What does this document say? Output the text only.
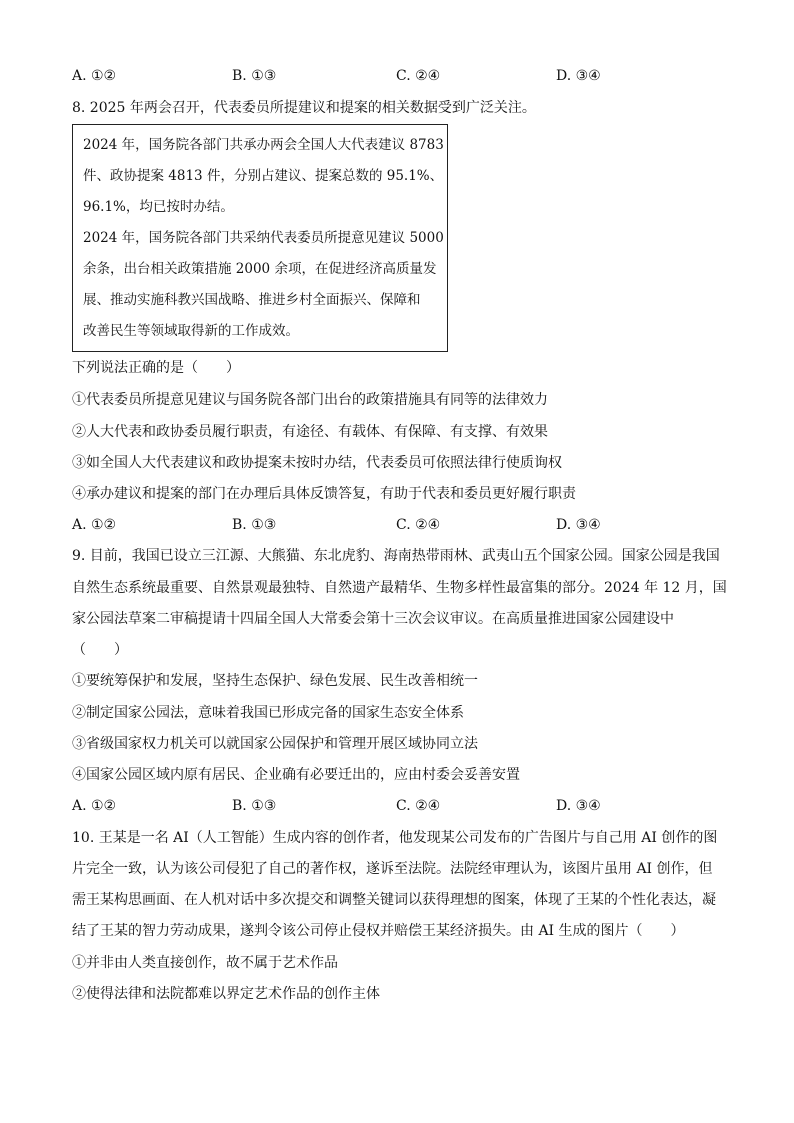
A. ①②	B. ①③	C. ②④	D. ③④
8. 2025 年两会召开，代表委员所提建议和提案的相关数据受到广泛关注。
2024 年，国务院各部门共承办两会全国人大代表建议 8783
件、政协提案 4813 件，分别占建议、提案总数的 95.1%、
96.1%，均已按时办结。
2024 年，国务院各部门共采纳代表委员所提意见建议 5000
余条，出台相关政策措施 2000 余项，在促进经济高质量发
展、推动实施科教兴国战略、推进乡村全面振兴、保障和
改善民生等领域取得新的工作成效。
下列说法正确的是（　　）
①代表委员所提意见建议与国务院各部门出台的政策措施具有同等的法律效力
②人大代表和政协委员履行职责，有途径、有载体、有保障、有支撑、有效果
③如全国人大代表建议和政协提案未按时办结，代表委员可依照法律行使质询权
④承办建议和提案的部门在办理后具体反馈答复，有助于代表和委员更好履行职责
A. ①②	B. ①③	C. ②④	D. ③④
9. 目前，我国已设立三江源、大熊猫、东北虎豹、海南热带雨林、武夷山五个国家公园。国家公园是我国
自然生态系统最重要、自然景观最独特、自然遗产最精华、生物多样性最富集的部分。2024 年 12 月，国
家公园法草案二审稿提请十四届全国人大常委会第十三次会议审议。在高质量推进国家公园建设中
（　　）
①要统筹保护和发展，坚持生态保护、绿色发展、民生改善相统一
②制定国家公园法，意味着我国已形成完备的国家生态安全体系
③省级国家权力机关可以就国家公园保护和管理开展区域协同立法
④国家公园区域内原有居民、企业确有必要迁出的，应由村委会妥善安置
A. ①②	B. ①③	C. ②④	D. ③④
10. 王某是一名 AI（人工智能）生成内容的创作者，他发现某公司发布的广告图片与自己用 AI 创作的图
片完全一致，认为该公司侵犯了自己的著作权，遂诉至法院。法院经审理认为，该图片虽用 AI 创作，但
需王某构思画面、在人机对话中多次提交和调整关键词以获得理想的图案，体现了王某的个性化表达，凝
结了王某的智力劳动成果，遂判令该公司停止侵权并赔偿王某经济损失。由 AI 生成的图片（　　）
①并非由人类直接创作，故不属于艺术作品
②使得法律和法院都难以界定艺术作品的创作主体
